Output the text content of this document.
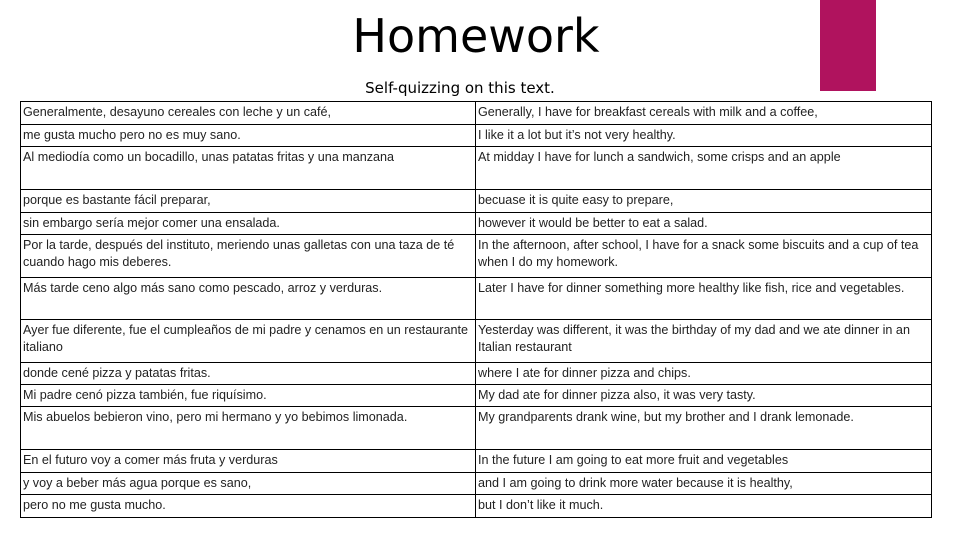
Homework
Self-quizzing on this text.
Generalmente, desayuno cereales con leche y un café,	Generally, I have for breakfast cereals with milk and a coffee,
me gusta mucho pero no es muy sano.	I like it a lot but it’s not very healthy.
Al mediodía como un bocadillo, unas patatas fritas y una manzana	At midday I have for lunch a sandwich, some crisps and an apple
porque es bastante fácil preparar,	becuase it is quite easy to prepare,
sin embargo sería mejor comer una ensalada.	however it would be better to eat a salad.
Por la tarde, después del instituto, meriendo unas galletas con una taza de té cuando hago mis deberes.	In the afternoon, after school, I have for a snack some biscuits and a cup of tea when I do my homework.
Más tarde ceno algo más sano como pescado, arroz y verduras.	Later I have for dinner something more healthy like fish, rice and vegetables.
Ayer fue diferente, fue el cumpleaños de mi padre y cenamos en un restaurante italiano	Yesterday was different, it was the birthday of my dad and we ate dinner in an Italian restaurant
donde cené pizza y patatas fritas.	where I ate for dinner pizza and chips.
Mi padre cenó pizza también, fue riquísimo.	My dad ate for dinner pizza also, it was very tasty.
Mis abuelos bebieron vino, pero mi hermano y yo bebimos limonada.	My grandparents drank wine, but my brother and I drank lemonade.
En el futuro voy a comer más fruta y verduras	In the future I am going to eat more fruit and vegetables
y voy a beber más agua porque es sano,	and I am going to drink more water because it is healthy,
pero no me gusta mucho.	but I don’t like it much.
